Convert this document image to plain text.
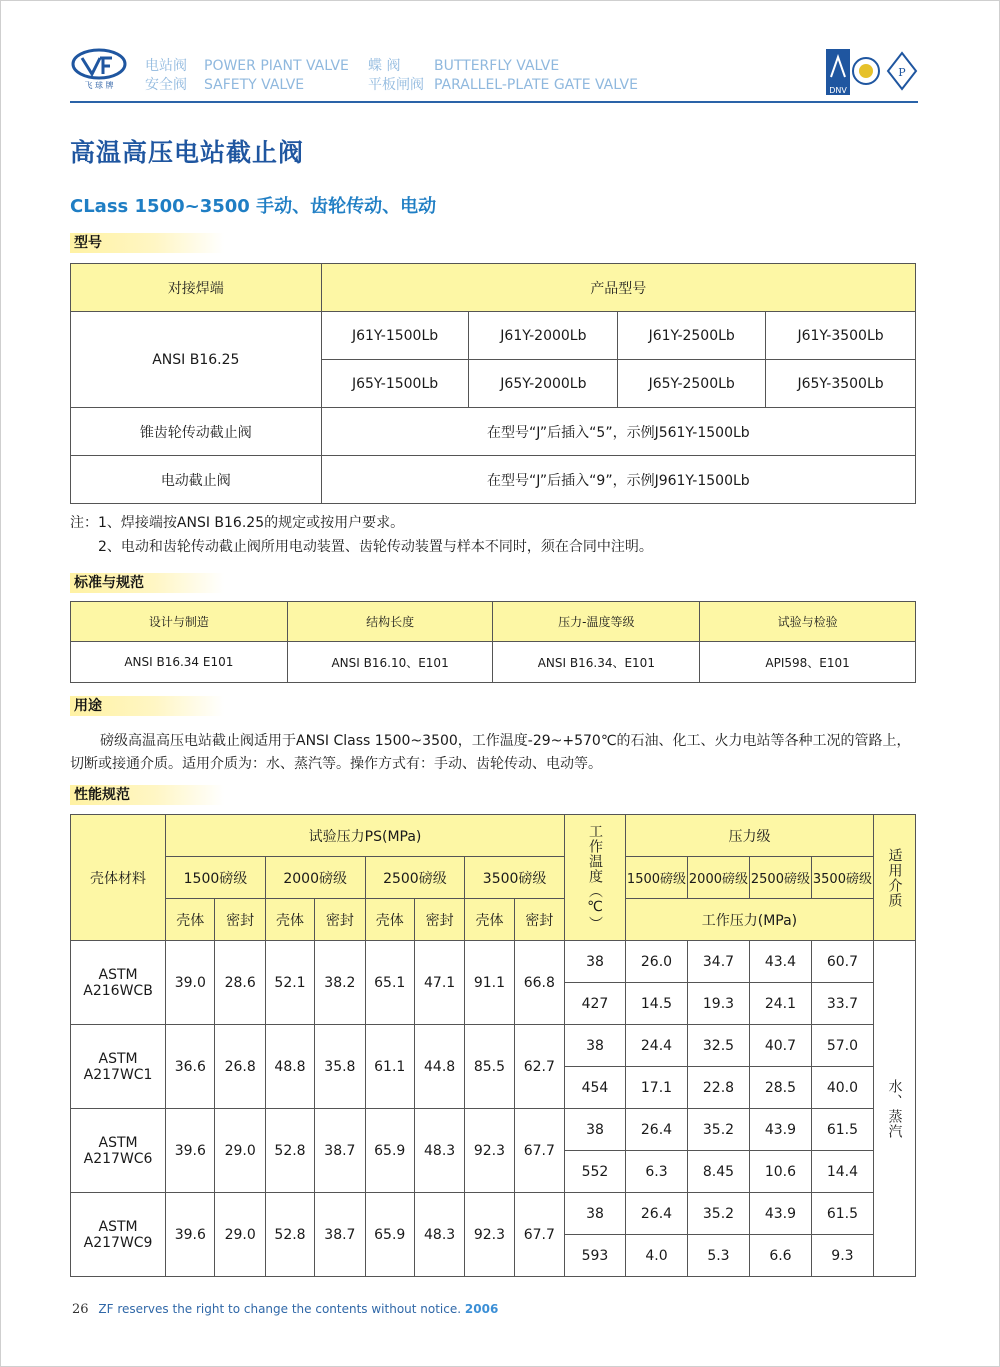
飞 球 牌
电站阀
安全阀
POWER PIANT VALVE
SAFETY VALVE
蝶 阀
平板闸阀
BUTTERFLY VALVE
PARALLEL-PLATE GATE VALVE	DNV
P
高温高压电站截止阀
CLass 1500~3500 手动、齿轮传动、电动
型号
对接焊端	产品型号			
ANSI B16.25	J61Y-1500Lb	J61Y-2000Lb	J61Y-2500Lb	J61Y-3500Lb
	J65Y-1500Lb	J65Y-2000Lb	J65Y-2500Lb	J65Y-3500Lb
锥齿轮传动截止阀	在型号“J”后插入“5”，示例J561Y-1500Lb			
电动截止阀	在型号“J”后插入“9”，示例J961Y-1500Lb			
注：1、焊接端按ANSI B16.25的规定或按用户要求。
　　2、电动和齿轮传动截止阀所用电动装置、齿轮传动装置与样本不同时，须在合同中注明。
标准与规范
设计与制造	结构长度	压力-温度等级	试验与检验
ANSI B16.34 E101	ANSI B16.10、E101	ANSI B16.34、E101	API598、E101
用途
磅级高温高压电站截止阀适用于ANSI Class 1500~3500，工作温度-29~+570℃的石油、化工、火力电站等各种工况的管路上，切断或接通介质。适用介质为：水、蒸汽等。操作方式有：手动、齿轮传动、电动等。
性能规范
壳体材料	试验压力PS(MPa)								工作温度（℃）	压力级				适用介质

	1500磅级		2000磅级		2500磅级		3500磅级			1500磅级	2000磅级	2500磅级	3500磅级	
	壳体	密封	壳体	密封	壳体	密封	壳体	密封		工作压力(MPa)				
ASTM A216WCB	39.0	28.6	52.1	38.2	65.1	47.1	91.1	66.8	38	26.0	34.7	43.4	60.7	水、蒸汽

									427	14.5	19.3	24.1	33.7	
ASTM A217WC1	36.6	26.8	48.8	35.8	61.1	44.8	85.5	62.7	38	24.4	32.5	40.7	57.0	
									454	17.1	22.8	28.5	40.0	
ASTM A217WC6	39.6	29.0	52.8	38.7	65.9	48.3	92.3	67.7	38	26.4	35.2	43.9	61.5	
									552	6.3	8.45	10.6	14.4	
ASTM A217WC9	39.6	29.0	52.8	38.7	65.9	48.3	92.3	67.7	38	26.4	35.2	43.9	61.5	
									593	4.0	5.3	6.6	9.3	
26 ZF reserves the right to change the contents without notice. 2006
